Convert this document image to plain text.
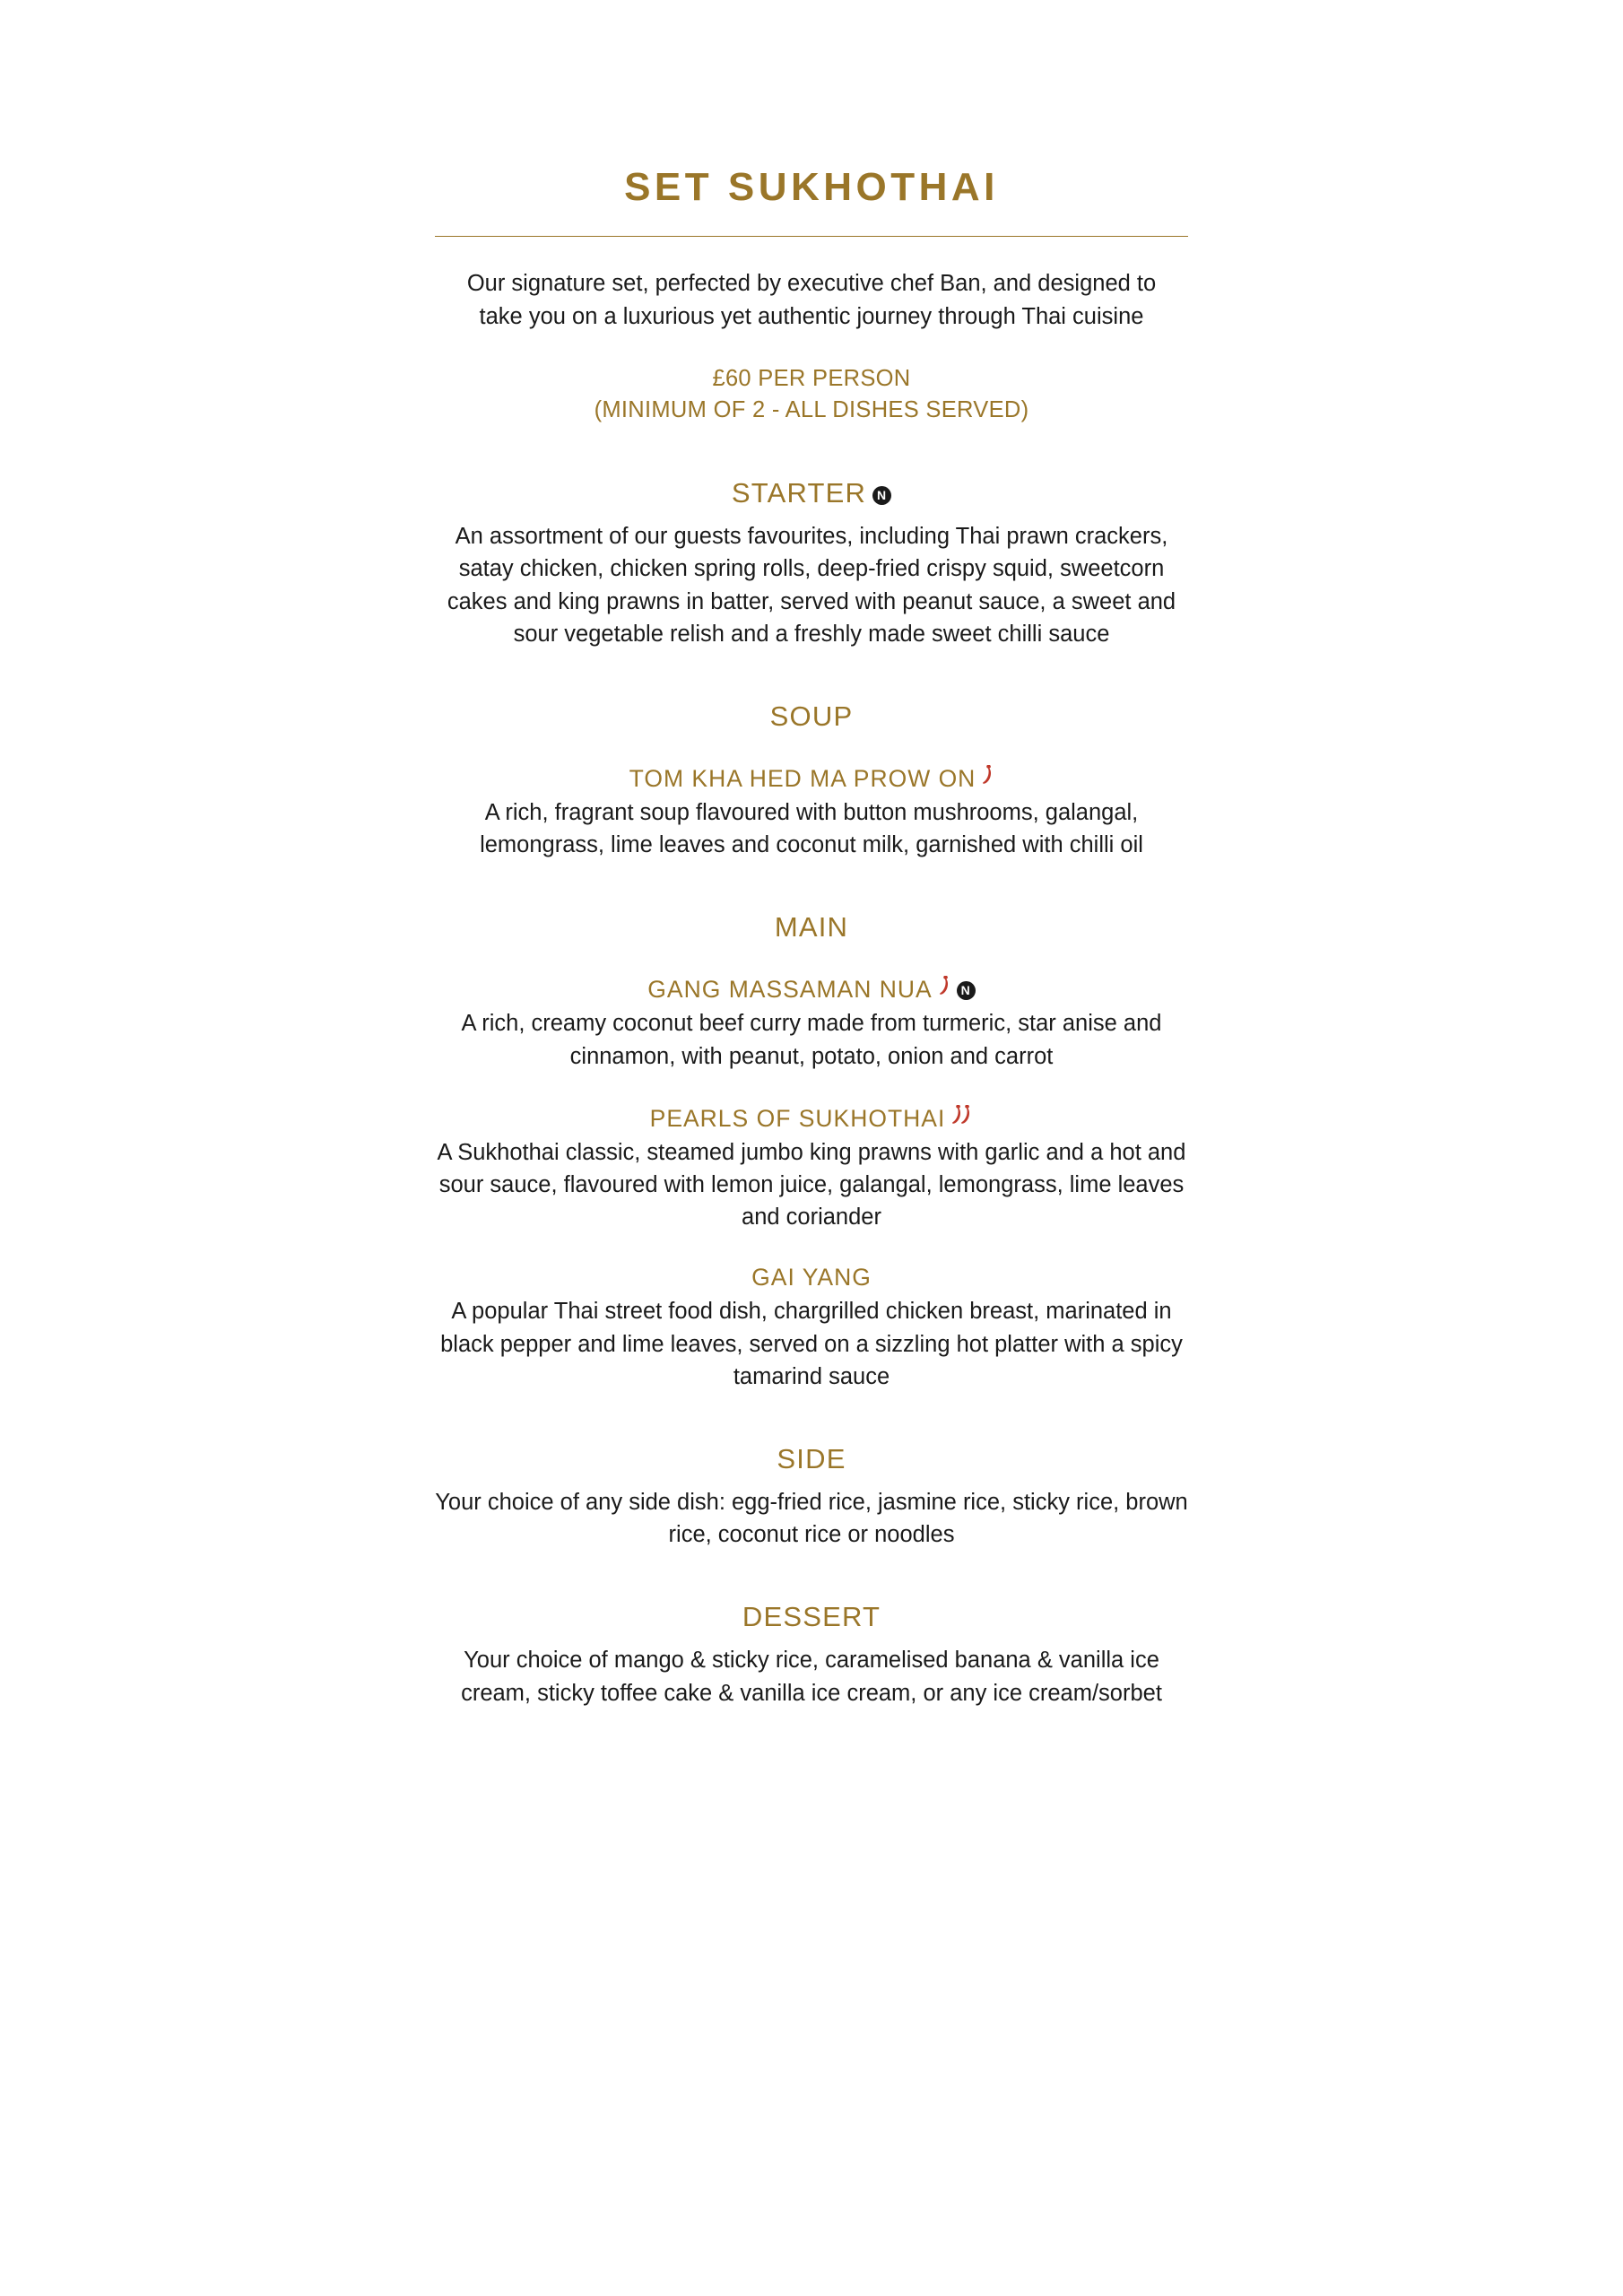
SET SUKHOTHAI

Our signature set, perfected by executive chef Ban, and designed to take you on a luxurious yet authentic journey through Thai cuisine

£60 PER PERSON
(MINIMUM OF 2 - ALL DISHES SERVED)
STARTER N

An assortment of our guests favourites, including Thai prawn crackers, satay chicken, chicken spring rolls, deep-fried crispy squid, sweetcorn cakes and king prawns in batter, served with peanut sauce, a sweet and sour vegetable relish and a freshly made sweet chilli sauce

SOUP
TOM KHA HED MA PROW ON

A rich, fragrant soup flavoured with button mushrooms, galangal, lemongrass, lime leaves and coconut milk, garnished with chilli oil

MAIN
GANG MASSAMAN NUA N

A rich, creamy coconut beef curry made from turmeric, star anise and cinnamon, with peanut, potato, onion and carrot

PEARLS OF SUKHOTHAI

A Sukhothai classic, steamed jumbo king prawns with garlic and a hot and sour sauce, flavoured with lemon juice, galangal, lemongrass, lime leaves and coriander

GAI YANG

A popular Thai street food dish, chargrilled chicken breast, marinated in black pepper and lime leaves, served on a sizzling hot platter with a spicy tamarind sauce

SIDE

Your choice of any side dish: egg-fried rice, jasmine rice, sticky rice, brown rice, coconut rice or noodles

DESSERT

Your choice of mango & sticky rice, caramelised banana & vanilla ice cream, sticky toffee cake & vanilla ice cream, or any ice cream/sorbet
